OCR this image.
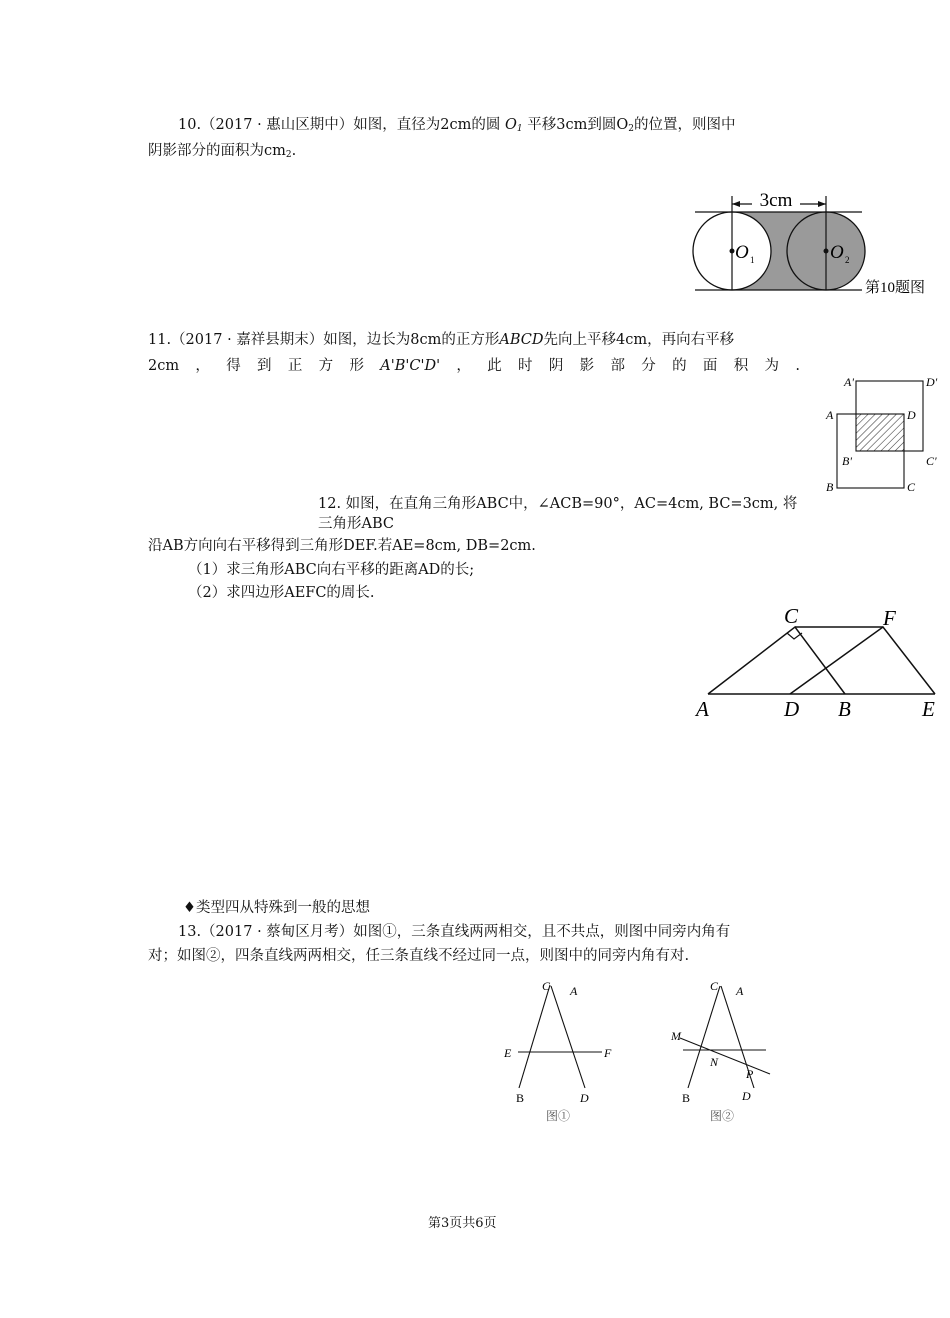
10.（2017 · 惠山区期中）如图，直径为2cm的圆 $O_1$ 平移3cm到圆$O_2$的位置，则图中
阴影部分的面积为$cm_2$.
3cm
O 1	O 2
第10题图
11.（2017 · 嘉祥县期末）如图，边长为8cm的正方形ABCD先向上平移4cm，再向右平移
2cm ， 得 到 正 方 形 A'B'C'D' ， 此 时 阴 影 部 分 的 面 积 为 .
A'	D'
A	D
B'	C'
B	C
12. 如图，在直角三角形ABC中，∠ACB=90°，AC=4cm, BC=3cm, 将
三角形ABC
沿AB方向向右平移得到三角形DEF.若AE=8cm, DB=2cm.
（1）求三角形ABC向右平移的距离AD的长;
（2）求四边形AEFC的周长.
C	F
A	D B	E
♦类型四从特殊到一般的思想
13.（2017 · 蔡甸区月考）如图①，三条直线两两相交，且不共点，则图中同旁内角有
对；如图②，四条直线两两相交，任三条直线不经过同一点，则图中的同旁内角有对.
C A
E	F
B	D
图①
C A
M
N
P
B	D
图②
第3页共6页
